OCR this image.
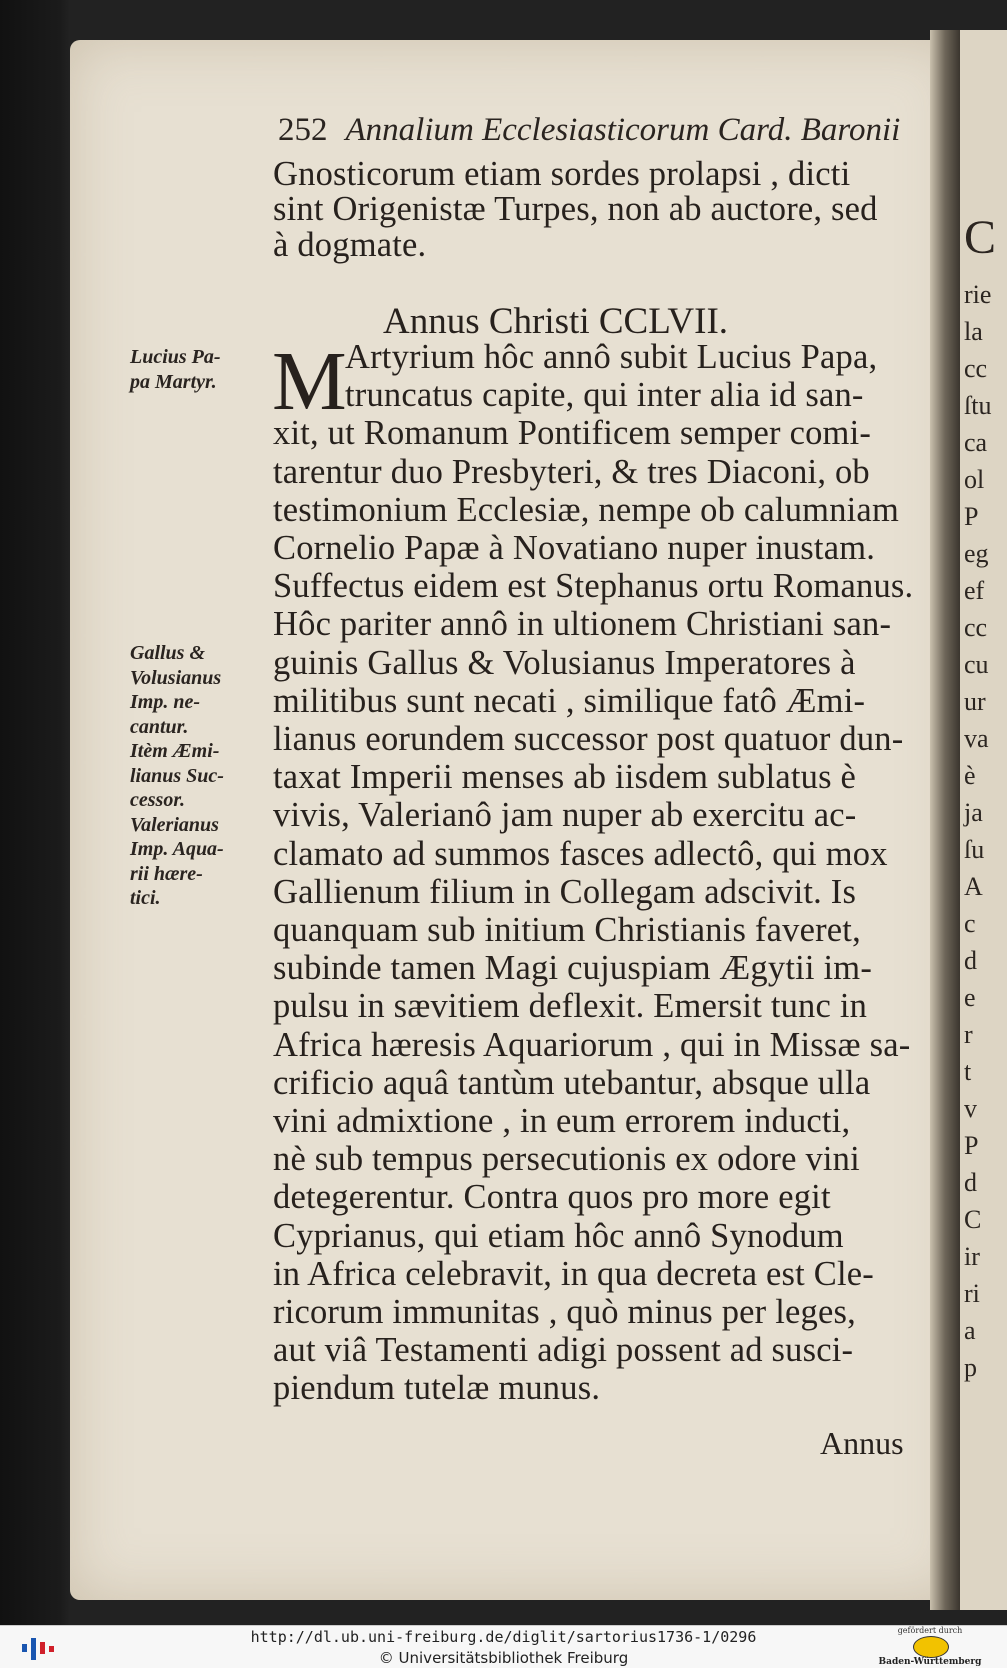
C
rie
la
cc
ſtu
ca
ol
P
eg
ef
cc
cu
ur
va
è
ja
ſu
A
c
d
e
r
t
v
P
d
C
ir
ri
a
p
252 Annalium Ecclesiasticorum Card. Baronii
Gnosticorum etiam sordes prolapsi , dicti
sint Origenistæ Turpes, non ab auctore, sed
à dogmate.
Annus Christi CCLVII.
M
Artyrium hôc annô subit Lucius Papa,
truncatus capite, qui inter alia id san-
xit, ut Romanum Pontificem semper comi-
tarentur duo Presbyteri, & tres Diaconi, ob
testimonium Ecclesiæ, nempe ob calumniam
Cornelio Papæ à Novatiano nuper inustam.
Suffectus eidem est Stephanus ortu Romanus.
Hôc pariter annô in ultionem Christiani san-
guinis Gallus & Volusianus Imperatores à
militibus sunt necati , similique fatô Æmi-
lianus eorundem successor post quatuor dun-
taxat Imperii menses ab iisdem sublatus è
vivis, Valerianô jam nuper ab exercitu ac-
clamato ad summos fasces adlectô, qui mox
Gallienum filium in Collegam adscivit. Is
quanquam sub initium Christianis faveret,
subinde tamen Magi cujuspiam Ægytii im-
pulsu in sævitiem deflexit. Emersit tunc in
Africa hæresis Aquariorum , qui in Missæ sa-
crificio aquâ tantùm utebantur, absque ulla
vini admixtione , in eum errorem inducti,
nè sub tempus persecutionis ex odore vini
detegerentur. Contra quos pro more egit
Cyprianus, qui etiam hôc annô Synodum
in Africa celebravit, in qua decreta est Cle-
ricorum immunitas , quò minus per leges,
aut viâ Testamenti adigi possent ad susci-
piendum tutelæ munus.
Lucius Pa-
pa Martyr.
Gallus &
Volusianus
Imp. ne-
cantur.
Itèm Æmi-
lianus Suc-
cessor.
Valerianus
Imp. Aqua-
rii hære-
tici.
Annus
http://dl.ub.uni-freiburg.de/diglit/sartorius1736-1/0296
© Universitätsbibliothek Freiburg
gefördert durch
Baden-Württemberg
